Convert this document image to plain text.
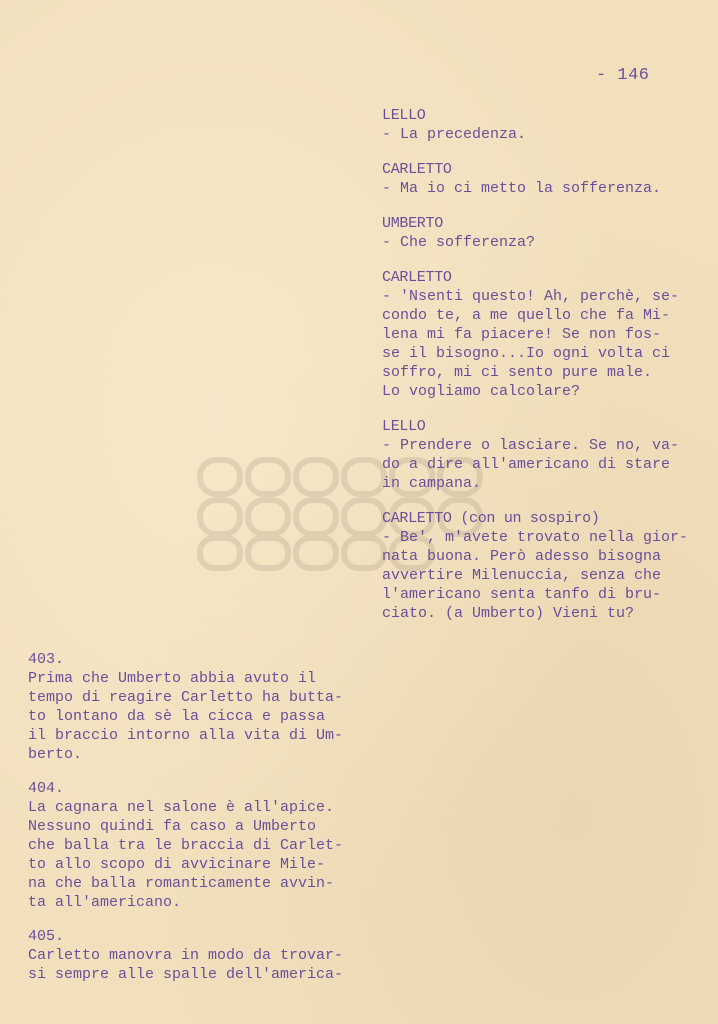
- 146
LELLO
- La precedenza.
CARLETTO
- Ma io ci metto la sofferenza.
UMBERTO
- Che sofferenza?
CARLETTO
- 'Nsenti questo! Ah, perchè, se-
condo te, a me quello che fa Mi-
lena mi fa piacere! Se non fos-
se il bisogno...Io ogni volta ci
soffro, mi ci sento pure male.
Lo vogliamo calcolare?
LELLO
- Prendere o lasciare. Se no, va-
do a dire all'americano di stare
in campana.
CARLETTO (con un sospiro)
- Be', m'avete trovato nella gior-
nata buona. Però adesso bisogna
avvertire Milenuccia, senza che
l'americano senta tanfo di bru-
ciato. (a Umberto) Vieni tu?
403.
Prima che Umberto abbia avuto il
tempo di reagire Carletto ha butta-
to lontano da sè la cicca e passa
il braccio intorno alla vita di Um-
berto.
404.
La cagnara nel salone è all'apice.
Nessuno quindi fa caso a Umberto
che balla tra le braccia di Carlet-
to allo scopo di avvicinare Mile-
na che balla romanticamente avvin-
ta all'americano.
405.
Carletto manovra in modo da trovar-
si sempre alle spalle dell'america-
